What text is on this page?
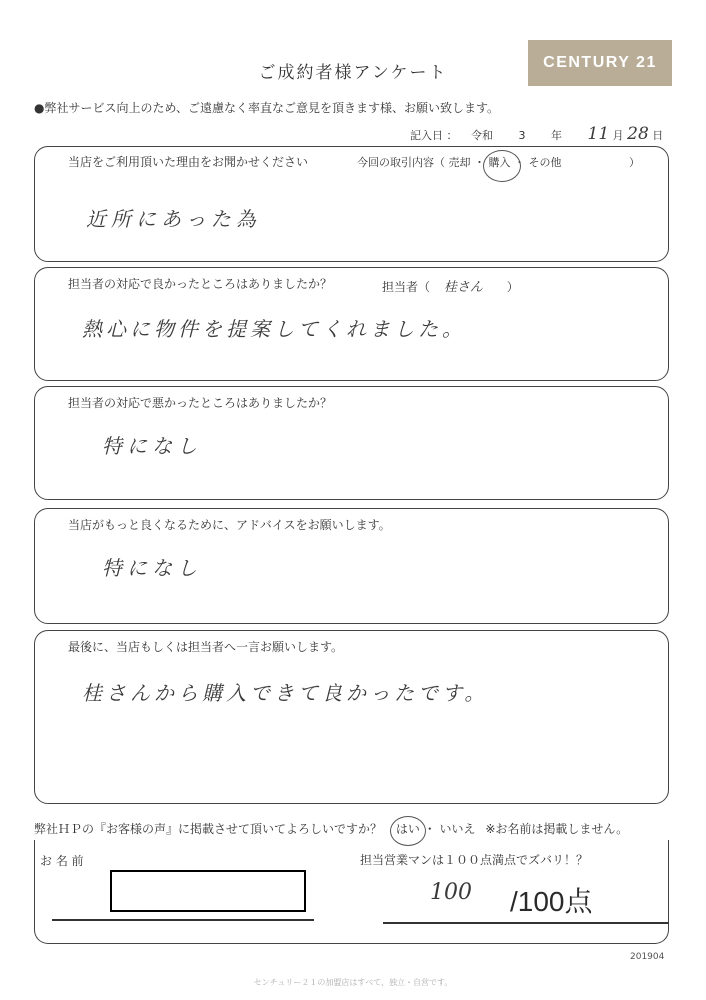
ご成約者様アンケート
CENTURY 21
●弊社サービス向上のため、ご遠慮なく率直なご意見を頂きます様、お願い致します。
記入日 ： 令和 3 年 11 月 28 日
当店をご利用頂いた理由をお聞かせください	今回の取引内容（ 売却 ・ 購入 ・ その他	）
近所にあった為
担当者の対応で良かったところはありましたか？	担当者（ 桂さん ）
熱心に物件を提案してくれました。
担当者の対応で悪かったところはありましたか？
特になし
当店がもっと良くなるために、アドバイスをお願いします。
特になし
最後に、当店もしくは担当者へ一言お願いします。
桂さんから購入できて良かったです。
弊社ＨＰの『お客様の声』に掲載させて頂いてよろしいですか？ はい ・ いいえ ※お名前は掲載しません。
お 名 前	担当営業マンは１００点満点でズバリ！？
100 /100点
201904
センチュリー２１の加盟店はすべて、独立・自営です。
